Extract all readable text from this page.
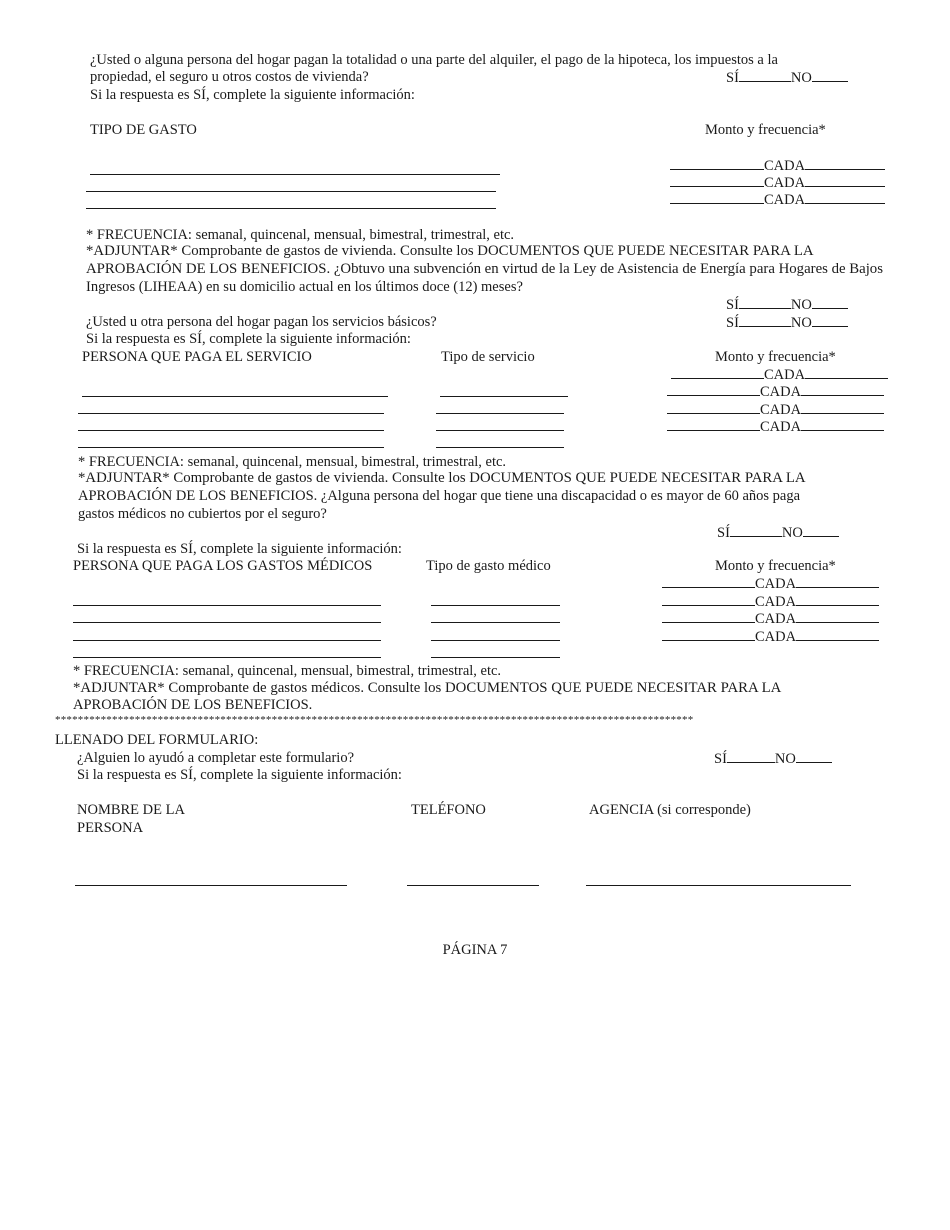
¿Usted o alguna persona del hogar pagan la totalidad o una parte del alquiler, el pago de la hipoteca, los impuestos a la
propiedad, el seguro u otros costos de vivienda?	SÍ	NO
Si la respuesta es SÍ, complete la siguiente información:
TIPO DE GASTO	Monto y frecuencia*
CADA
CADA
CADA
* FRECUENCIA: semanal, quincenal, mensual, bimestral, trimestral, etc.
*ADJUNTAR* Comprobante de gastos de vivienda. Consulte los DOCUMENTOS QUE PUEDE NECESITAR PARA LA
APROBACIÓN DE LOS BENEFICIOS. ¿Obtuvo una subvención en virtud de la Ley de Asistencia de Energía para Hogares de Bajos
Ingresos (LIHEAA) en su domicilio actual en los últimos doce (12) meses?
SÍ	NO
¿Usted u otra persona del hogar pagan los servicios básicos?	SÍ	NO
Si la respuesta es SÍ, complete la siguiente información:
PERSONA QUE PAGA EL SERVICIO	Tipo de servicio	Monto y frecuencia*
CADA
CADA
CADA
CADA
* FRECUENCIA: semanal, quincenal, mensual, bimestral, trimestral, etc.
*ADJUNTAR* Comprobante de gastos de vivienda. Consulte los DOCUMENTOS QUE PUEDE NECESITAR PARA LA
APROBACIÓN DE LOS BENEFICIOS. ¿Alguna persona del hogar que tiene una discapacidad o es mayor de 60 años paga
gastos médicos no cubiertos por el seguro?
SÍ	NO
Si la respuesta es SÍ, complete la siguiente información:
PERSONA QUE PAGA LOS GASTOS MÉDICOS	Tipo de gasto médico	Monto y frecuencia*
CADA
CADA
CADA
CADA
* FRECUENCIA: semanal, quincenal, mensual, bimestral, trimestral, etc.
*ADJUNTAR* Comprobante de gastos médicos. Consulte los DOCUMENTOS QUE PUEDE NECESITAR PARA LA
APROBACIÓN DE LOS BENEFICIOS.
****************************************************************************************************************
LLENADO DEL FORMULARIO:
¿Alguien lo ayudó a completar este formulario?	SÍ	NO
Si la respuesta es SÍ, complete la siguiente información:
NOMBRE DE LA
PERSONA
TELÉFONO	AGENCIA (si corresponde)
PÁGINA 7
